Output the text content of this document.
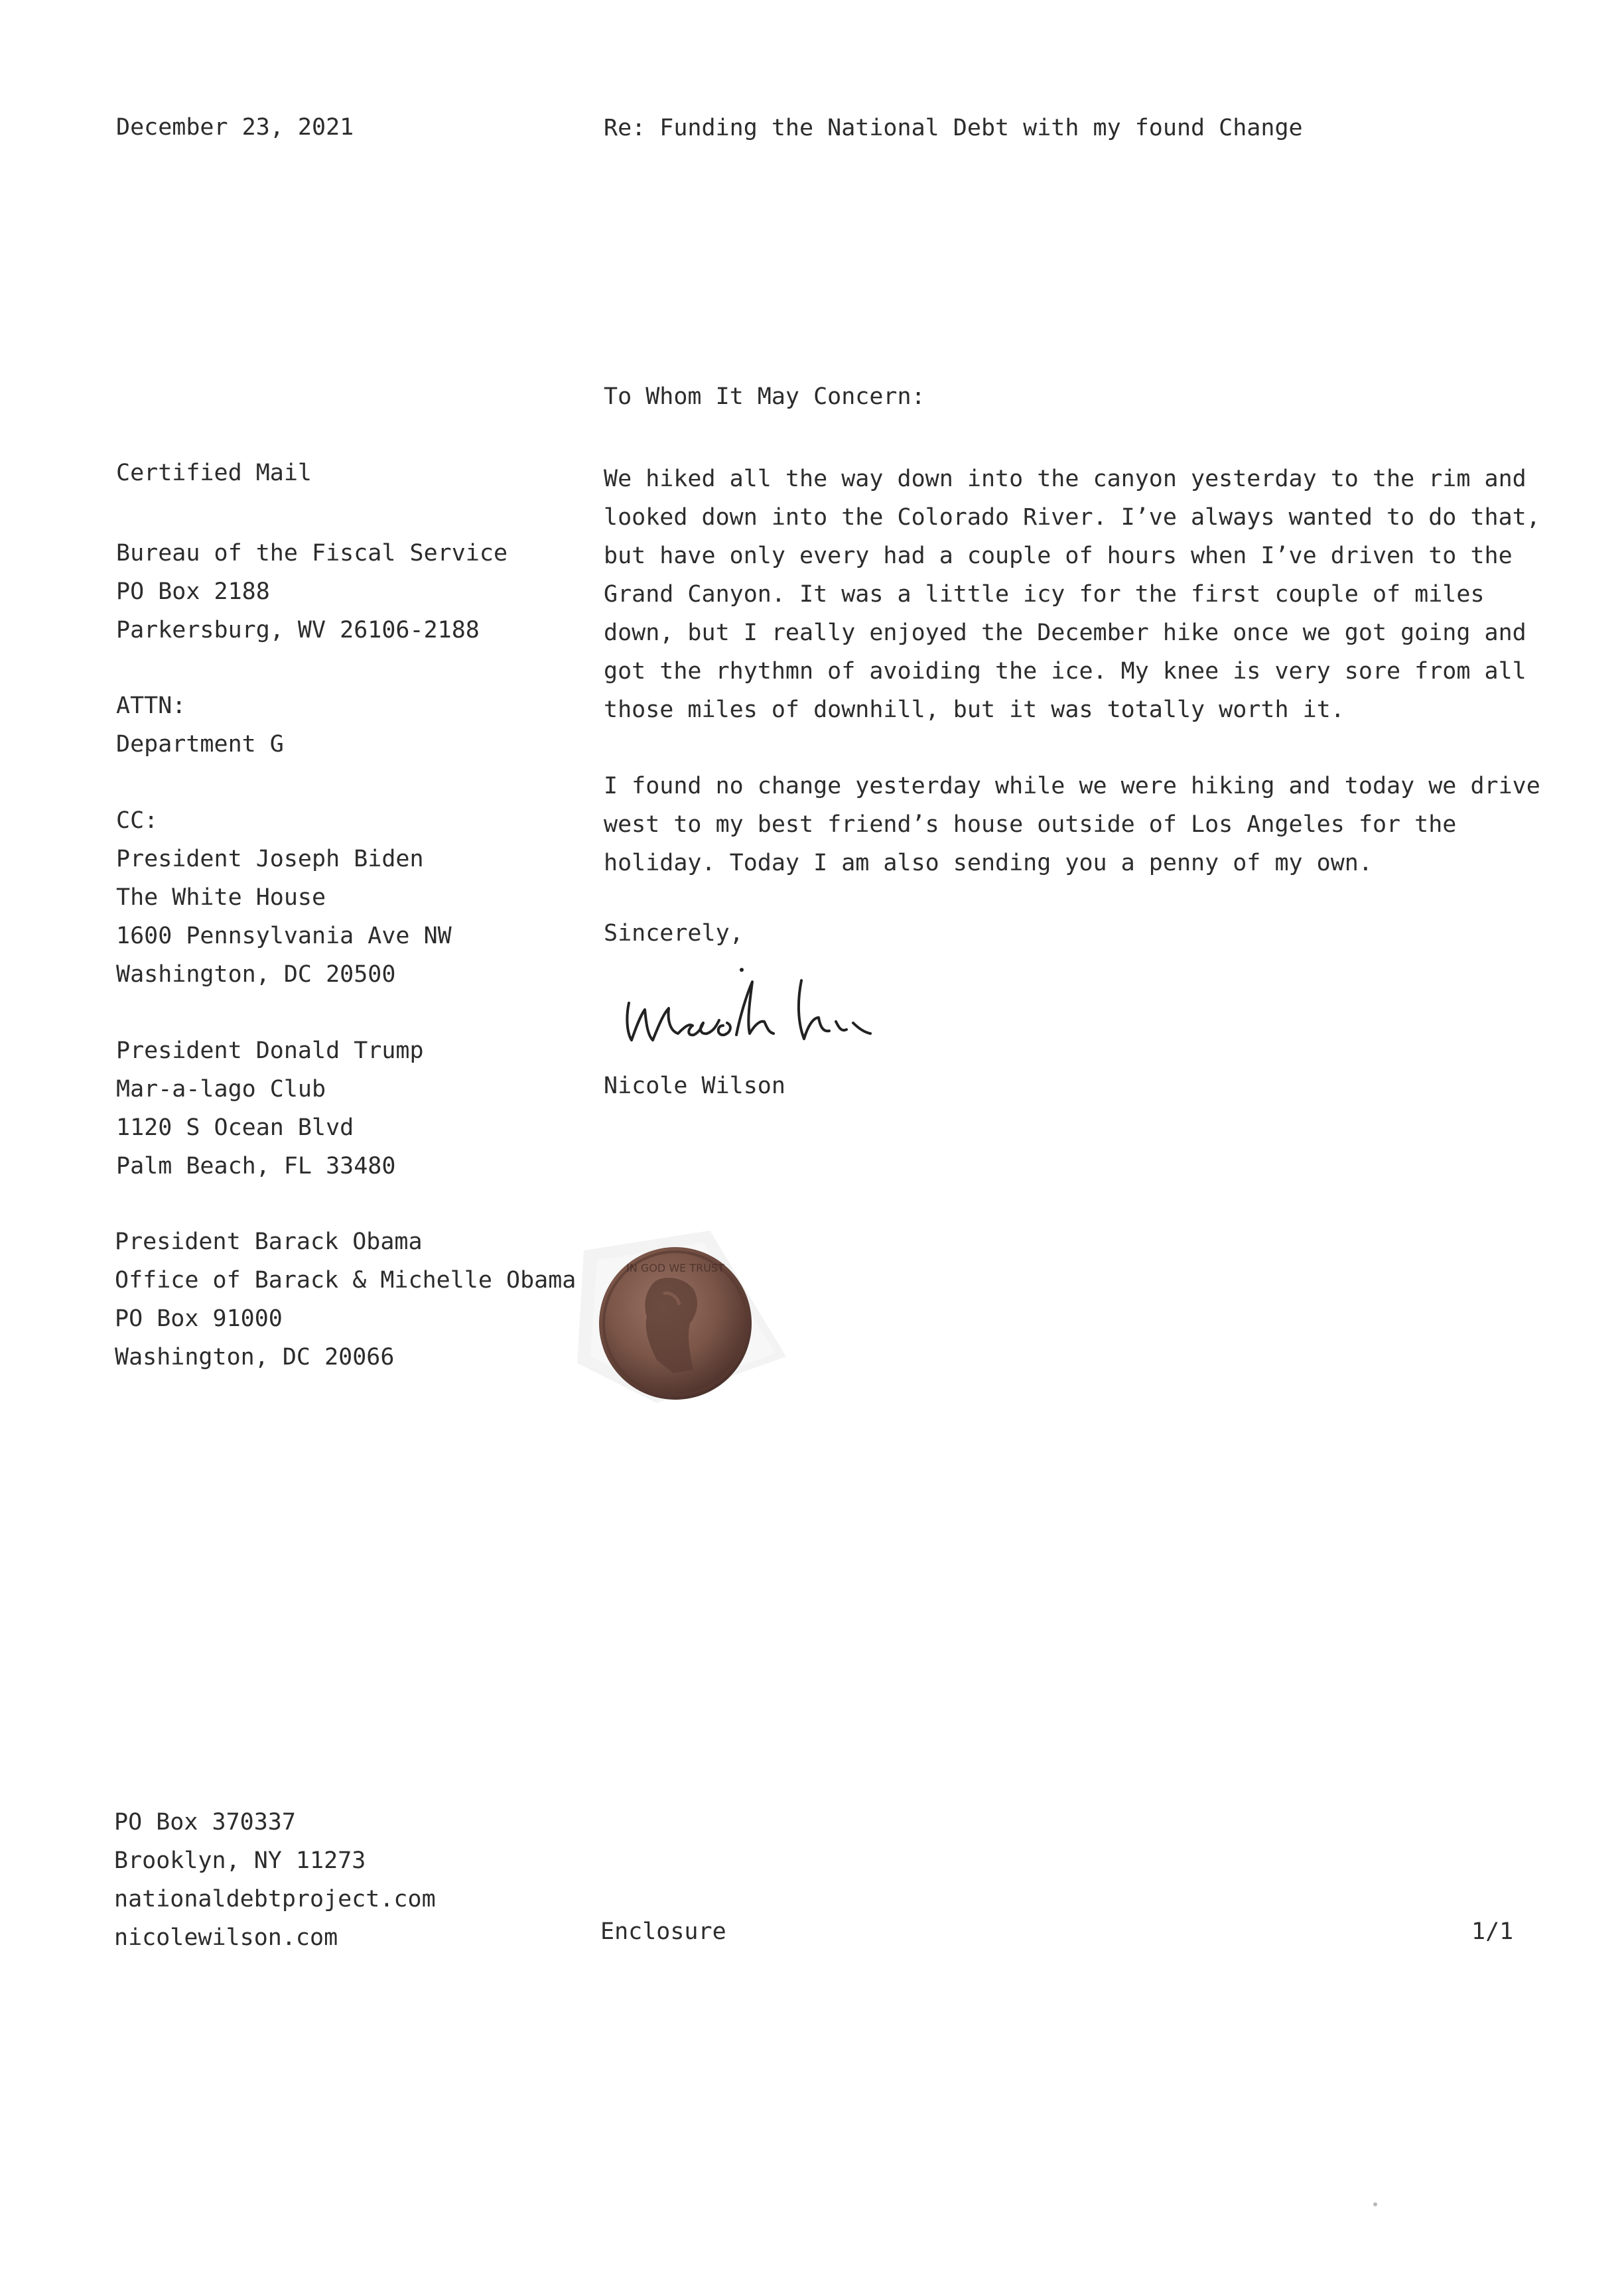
December 23, 2021	Re: Funding the National Debt with my found Change
To Whom It May Concern:
Certified Mail
Bureau of the Fiscal Service
PO Box 2188
Parkersburg, WV 26106-2188
ATTN:
Department G
CC:
President Joseph Biden
The White House
1600 Pennsylvania Ave NW
Washington, DC 20500
President Donald Trump
Mar-a-lago Club
1120 S Ocean Blvd
Palm Beach, FL 33480
IN GOD WE TRUST
President Barack Obama
Office of Barack & Michelle Obama
PO Box 91000
Washington, DC 20066
We hiked all the way down into the canyon yesterday to the rim and
looked down into the Colorado River. I’ve always wanted to do that,
but have only every had a couple of hours when I’ve driven to the
Grand Canyon. It was a little icy for the first couple of miles
down, but I really enjoyed the December hike once we got going and
got the rhythmn of avoiding the ice. My knee is very sore from all
those miles of downhill, but it was totally worth it.
I found no change yesterday while we were hiking and today we drive
west to my best friend’s house outside of Los Angeles for the
holiday. Today I am also sending you a penny of my own.
Sincerely,
Nicole Wilson
PO Box 370337
Brooklyn, NY 11273
nationaldebtproject.com
nicolewilson.com	Enclosure	1/1
